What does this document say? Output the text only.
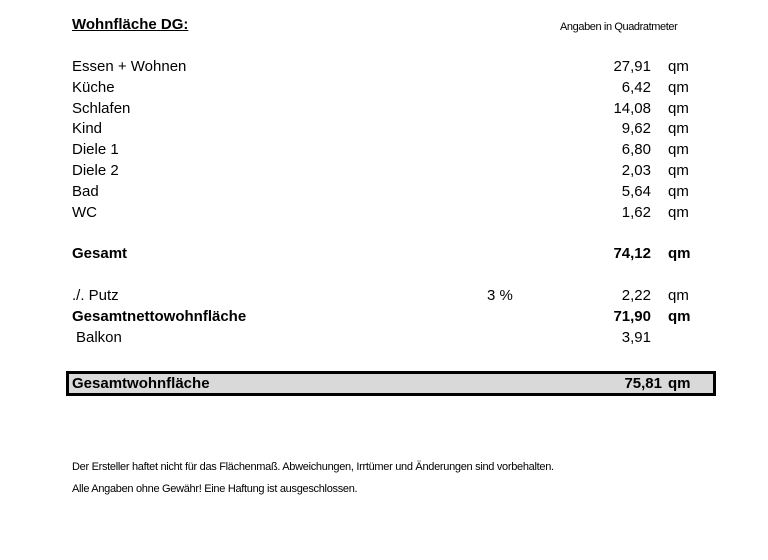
Wohnfläche DG:	Angaben in Quadratmeter
Essen + Wohnen	27,91 qm
Küche	6,42 qm
Schlafen	14,08 qm
Kind	9,62 qm
Diele 1	6,80 qm
Diele 2	2,03 qm
Bad	5,64 qm
WC	1,62 qm
Gesamt	74,12 qm
./. Putz	3 %	2,22 qm
Gesamtnettowohnfläche	71,90 qm
Balkon	3,91
Gesamtwohnfläche	75,81 qm
Der Ersteller haftet nicht für das Flächenmaß. Abweichungen, Irrtümer und Änderungen sind vorbehalten.
Alle Angaben ohne Gewähr! Eine Haftung ist ausgeschlossen.
